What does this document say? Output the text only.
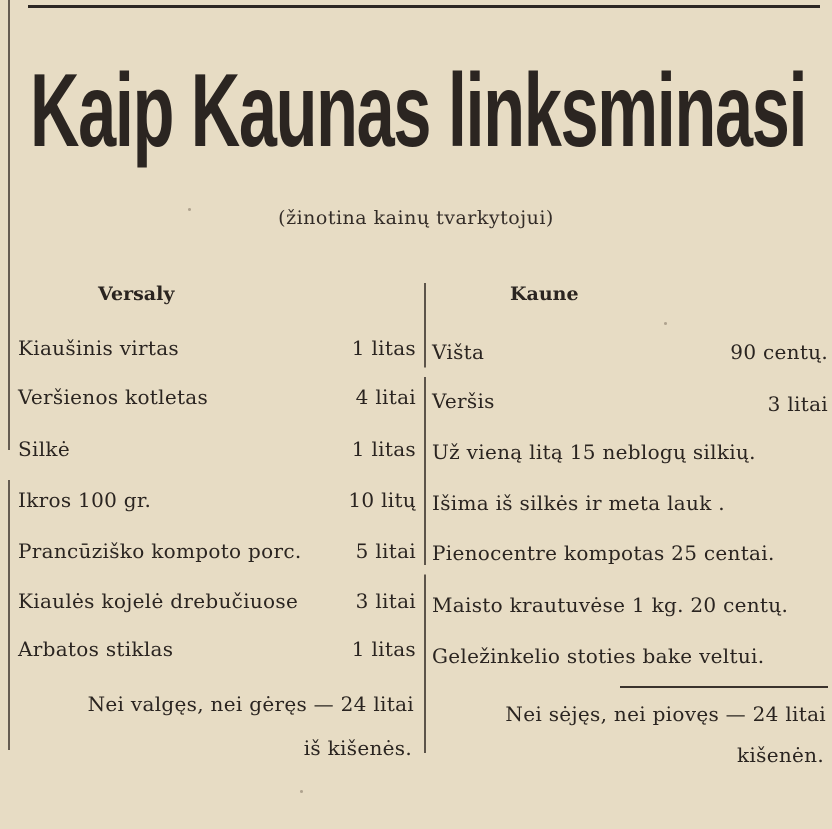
Kaip Kaunas linksminasi
(žinotina kainų tvarkytojui)
Versaly	Kaune
Kiaušinis virtas	1 litas Višta	90 centų.
Veršienos kotletas	4 litai Veršis	3 litai
Silkė	1 litas Už vieną litą 15 neblogų silkių.
Ikros 100 gr.	10 litų Išima iš silkės ir meta lauk .
Prancūziško kompoto porc.	5 litai Pienocentre kompotas 25 centai.
Kiaulės kojelė drebučiuose	3 litai Maisto krautuvėse 1 kg. 20 centų.
Arbatos stiklas	1 litas Geležinkelio stoties bake veltui.
Nei valgęs, nei gėręs — 24 litai
iš kišenės.
Nei sėjęs, nei piovęs — 24 litai
kišenėn.
